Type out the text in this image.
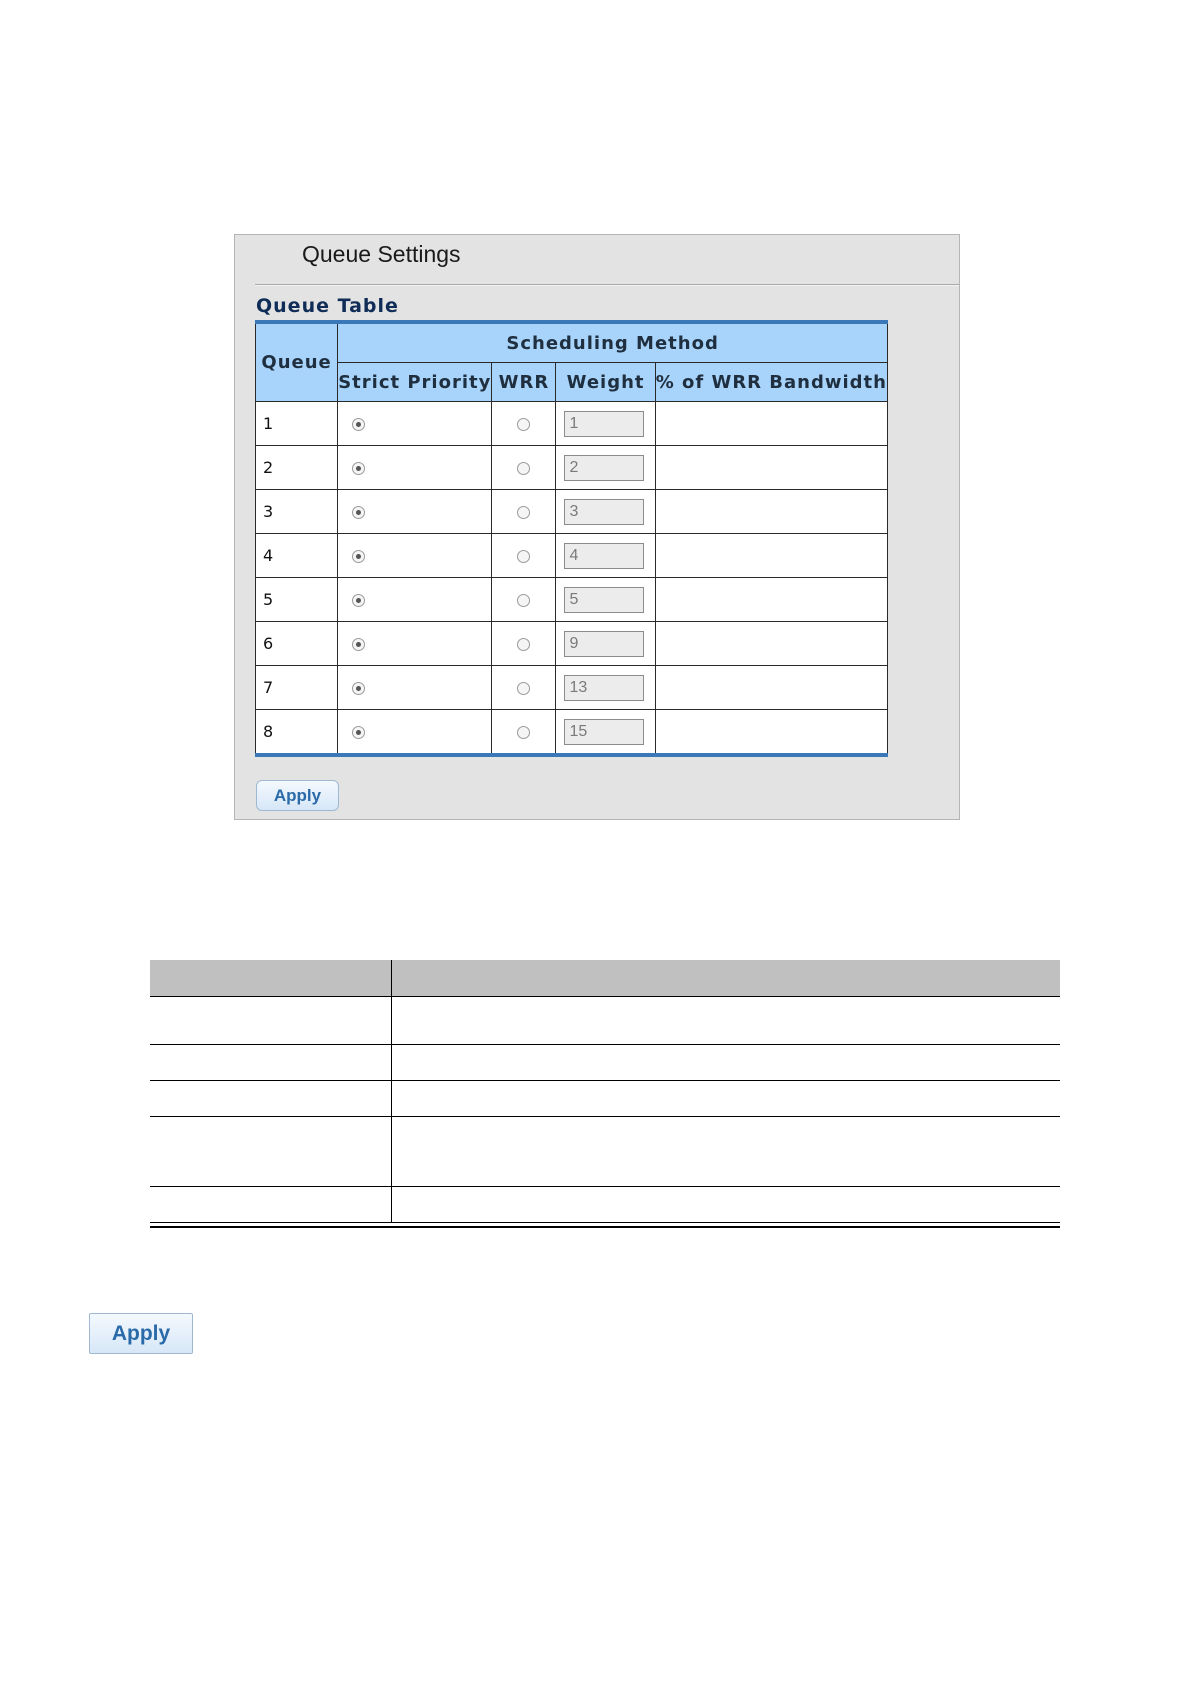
Queue Settings
Queue Table
Queue	Scheduling Method			
	Strict Priority	WRR	Weight	% of WRR Bandwidth
1			1	
2			2	
3			3	
4			4	
5			5	
6			9	
7			13	
8			15	
Apply

Apply
